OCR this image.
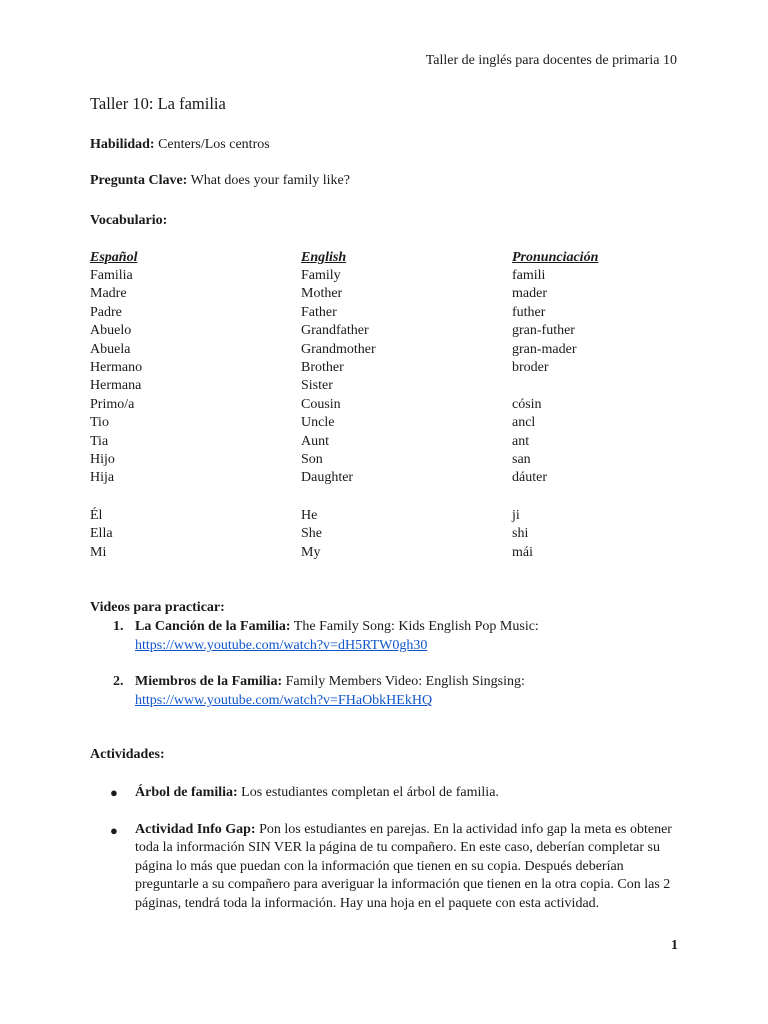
Taller de inglés para docentes de primaria 10
Taller 10: La familia
Habilidad: Centers/Los centros
Pregunta Clave: What does your family like?
Vocabulario:
Español	English	Pronunciación
Familia	Family	famili
Madre	Mother	mader
Padre	Father	futher
Abuelo	Grandfather	gran-futher
Abuela	Grandmother	gran-mader
Hermano	Brother	broder
Hermana	Sister
Primo/a	Cousin	cósin
Tio	Uncle	ancl
Tia	Aunt	ant
Hijo	Son	san
Hija	Daughter	dáuter
Él	He	ji
Ella	She	shi
Mi	My	mái
Videos para practicar:
1. La Canción de la Familia: The Family Song: Kids English Pop Music:
https://www.youtube.com/watch?v=dH5RTW0gh30
2. Miembros de la Familia: Family Members Video: English Singsing:
https://www.youtube.com/watch?v=FHaObkHEkHQ
Actividades:
● Árbol de familia: Los estudiantes completan el árbol de familia.
● Actividad Info Gap: Pon los estudiantes en parejas. En la actividad info gap la meta es obtener toda la información SIN VER la página de tu compañero. En este caso, deberían completar su página lo más que puedan con la información que tienen en su copia. Después deberían preguntarle a su compañero para averiguar la información que tienen en la otra copia. Con las 2 páginas, tendrá toda la información. Hay una hoja en el paquete con esta actividad.
1
